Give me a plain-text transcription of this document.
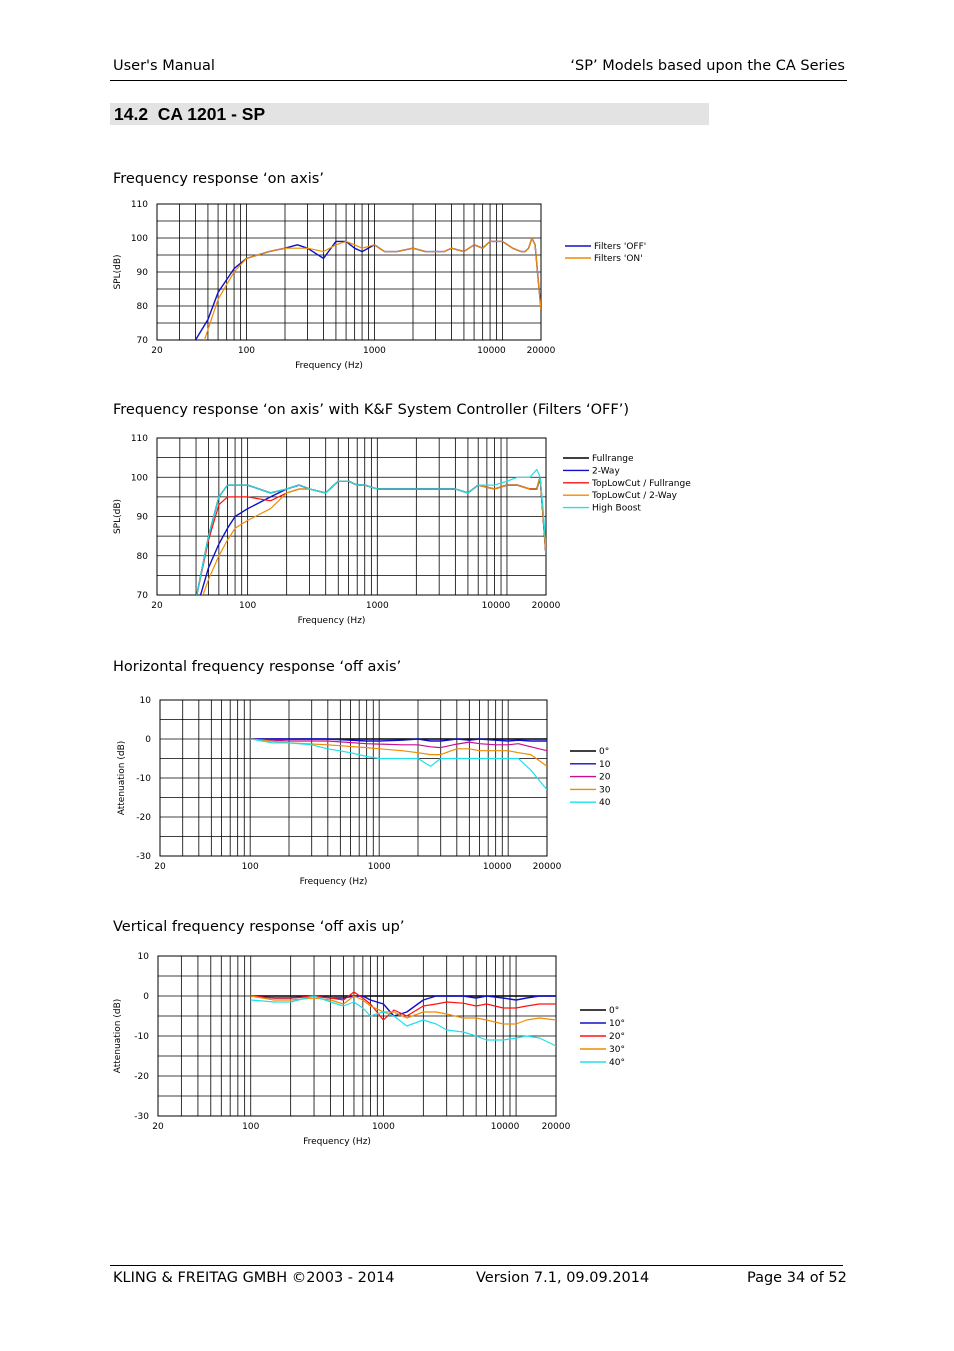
User's Manual	‘SP’ Models based upon the CA Series
14.2 CA 1201 - SP
Frequency response ‘on axis’
Frequency response ‘on axis’ with K&F System Controller (Filters ‘OFF’)
Horizontal frequency response ‘off axis’
Vertical frequency response ‘off axis up’
110
100
90
80
70
20	100	1000	10000 20000
Frequency (Hz)
SPL(dB)
Filters 'OFF'
Filters 'ON'
110
100
90
80
70
20	100	1000	10000 20000
Frequency (Hz)
SPL(dB)
Fullrange
2-Way
TopLowCut / Fullrange
TopLowCut / 2-Way
High Boost
10
0
-10
-20
-30
20	100	1000	10000 20000
Frequency (Hz)
Attenuation (dB)	0°
10
20
30
40
10
0
-10
-20
-30
20	100	1000	10000 20000
Frequency (Hz)
Attenuation (dB)	0°
10°
20°
30°
40°
KLING & FREITAG GMBH ©2003 - 2014	Version 7.1, 09.09.2014	Page 34 of 52
